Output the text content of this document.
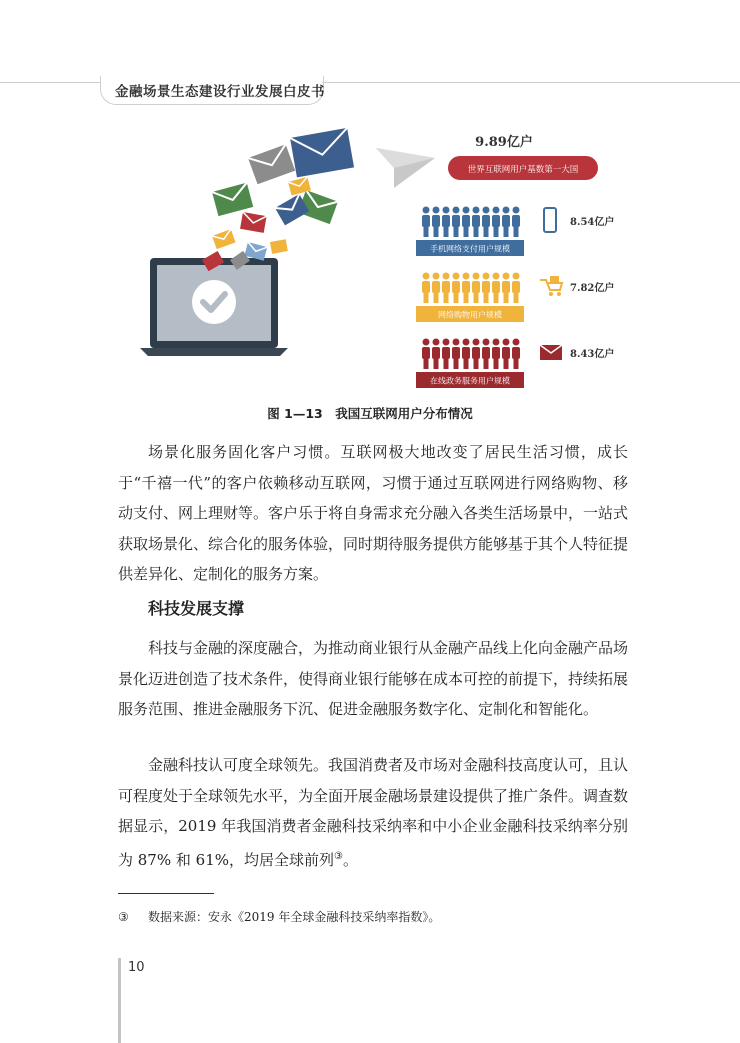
金融场景生态建设行业发展白皮书
9.89亿户
世界互联网用户基数第一大国
手机网络支付用户规模
8.54亿户
网络购物用户规模
7.82亿户
在线政务服务用户规模
8.43亿户
图 1—13　我国互联网用户分布情况
场景化服务固化客户习惯。互联网极大地改变了居民生活习惯，成长于“千禧一代”的客户依赖移动互联网，习惯于通过互联网进行网络购物、移动支付、网上理财等。客户乐于将自身需求充分融入各类生活场景中，一站式获取场景化、综合化的服务体验，同时期待服务提供方能够基于其个人特征提供差异化、定制化的服务方案。
科技发展支撑
科技与金融的深度融合，为推动商业银行从金融产品线上化向金融产品场景化迈进创造了技术条件，使得商业银行能够在成本可控的前提下，持续拓展服务范围、推进金融服务下沉、促进金融服务数字化、定制化和智能化。
金融科技认可度全球领先。我国消费者及市场对金融科技高度认可，且认可程度处于全球领先水平，为全面开展金融场景建设提供了推广条件。调查数据显示，2019 年我国消费者金融科技采纳率和中小企业金融科技采纳率分别为 87% 和 61%，均居全球前列③。
③ 数据来源：安永《2019 年全球金融科技采纳率指数》。
10
